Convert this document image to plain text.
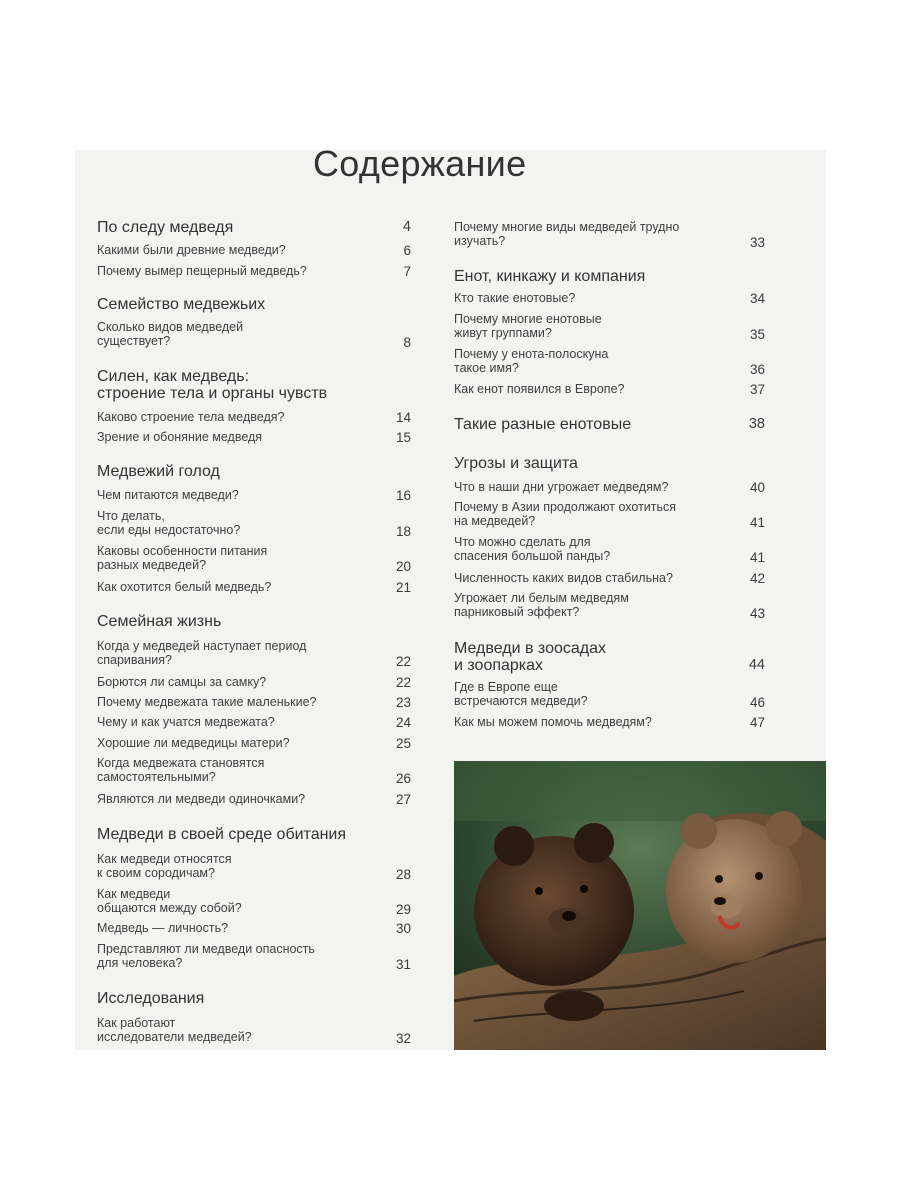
Содержание
По следу медведя	4
Какими были древние медведи?	6
Почему вымер пещерный медведь?	7
Семейство медвежьих
Сколько видов медведей
существует?	8
Силен, как медведь:
строение тела и органы чувств
Каково строение тела медведя?	14
Зрение и обоняние медведя	15
Медвежий голод
Чем питаются медведи?	16
Что делать,
если еды недостаточно?	18
Каковы особенности питания
разных медведей?	20
Как охотится белый медведь?	21
Семейная жизнь
Когда у медведей наступает период
спаривания?	22
Борются ли самцы за самку?	22
Почему медвежата такие маленькие?	23
Чему и как учатся медвежата?	24
Хорошие ли медведицы матери?	25
Когда медвежата становятся
самостоятельными?	26
Являются ли медведи одиночками?	27
Медведи в своей среде обитания
Как медведи относятся
к своим сородичам?	28
Как медведи
общаются между собой?	29
Медведь — личность?	30
Представляют ли медведи опасность
для человека?	31
Исследования
Как работают
исследователи медведей?	32
Почему многие виды медведей трудно
изучать?	33
Енот, кинкажу и компания
Кто такие енотовые?	34
Почему многие енотовые
живут группами?	35
Почему у енота-полоскуна
такое имя?	36
Как енот появился в Европе?	37
Такие разные енотовые	38
Угрозы и защита
Что в наши дни угрожает медведям?	40
Почему в Азии продолжают охотиться
на медведей?	41
Что можно сделать для
спасения большой панды?	41
Численность каких видов стабильна?	42
Угрожает ли белым медведям
парниковый эффект?	43
Медведи в зоосадах
и зоопарках	44
Где в Европе еще
встречаются медведи?	46
Как мы можем помочь медведям?	47
